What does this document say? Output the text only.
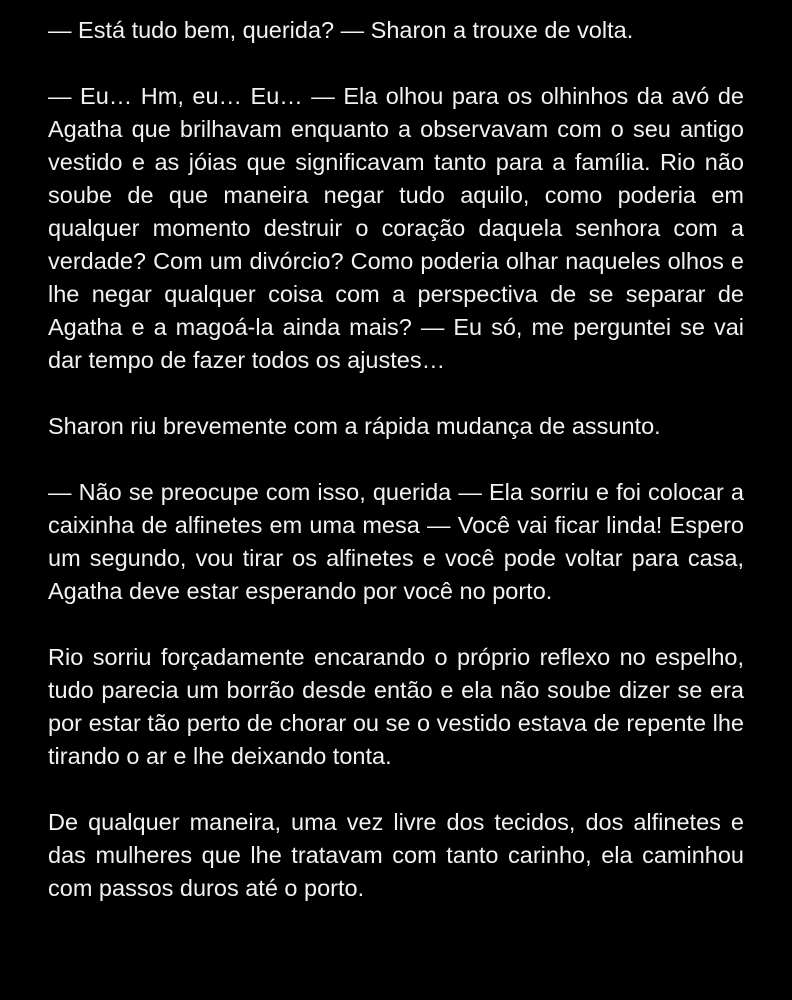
— Está tudo bem, querida? — Sharon a trouxe de volta.

— Eu… Hm, eu… Eu… — Ela olhou para os olhinhos da avó de Agatha que brilhavam enquanto a observavam com o seu antigo vestido e as jóias que significavam tanto para a família. Rio não soube de que maneira negar tudo aquilo, como poderia em qualquer momento destruir o coração daquela senhora com a verdade? Com um divórcio? Como poderia olhar naqueles olhos e lhe negar qualquer coisa com a perspectiva de se separar de Agatha e a magoá-la ainda mais? — Eu só, me perguntei se vai dar tempo de fazer todos os ajustes…

Sharon riu brevemente com a rápida mudança de assunto.

— Não se preocupe com isso, querida — Ela sorriu e foi colocar a caixinha de alfinetes em uma mesa — Você vai ficar linda! Espero um segundo, vou tirar os alfinetes e você pode voltar para casa, Agatha deve estar esperando por você no porto.

Rio sorriu forçadamente encarando o próprio reflexo no espelho, tudo parecia um borrão desde então e ela não soube dizer se era por estar tão perto de chorar ou se o vestido estava de repente lhe tirando o ar e lhe deixando tonta.

De qualquer maneira, uma vez livre dos tecidos, dos alfinetes e das mulheres que lhe tratavam com tanto carinho, ela caminhou com passos duros até o porto.
